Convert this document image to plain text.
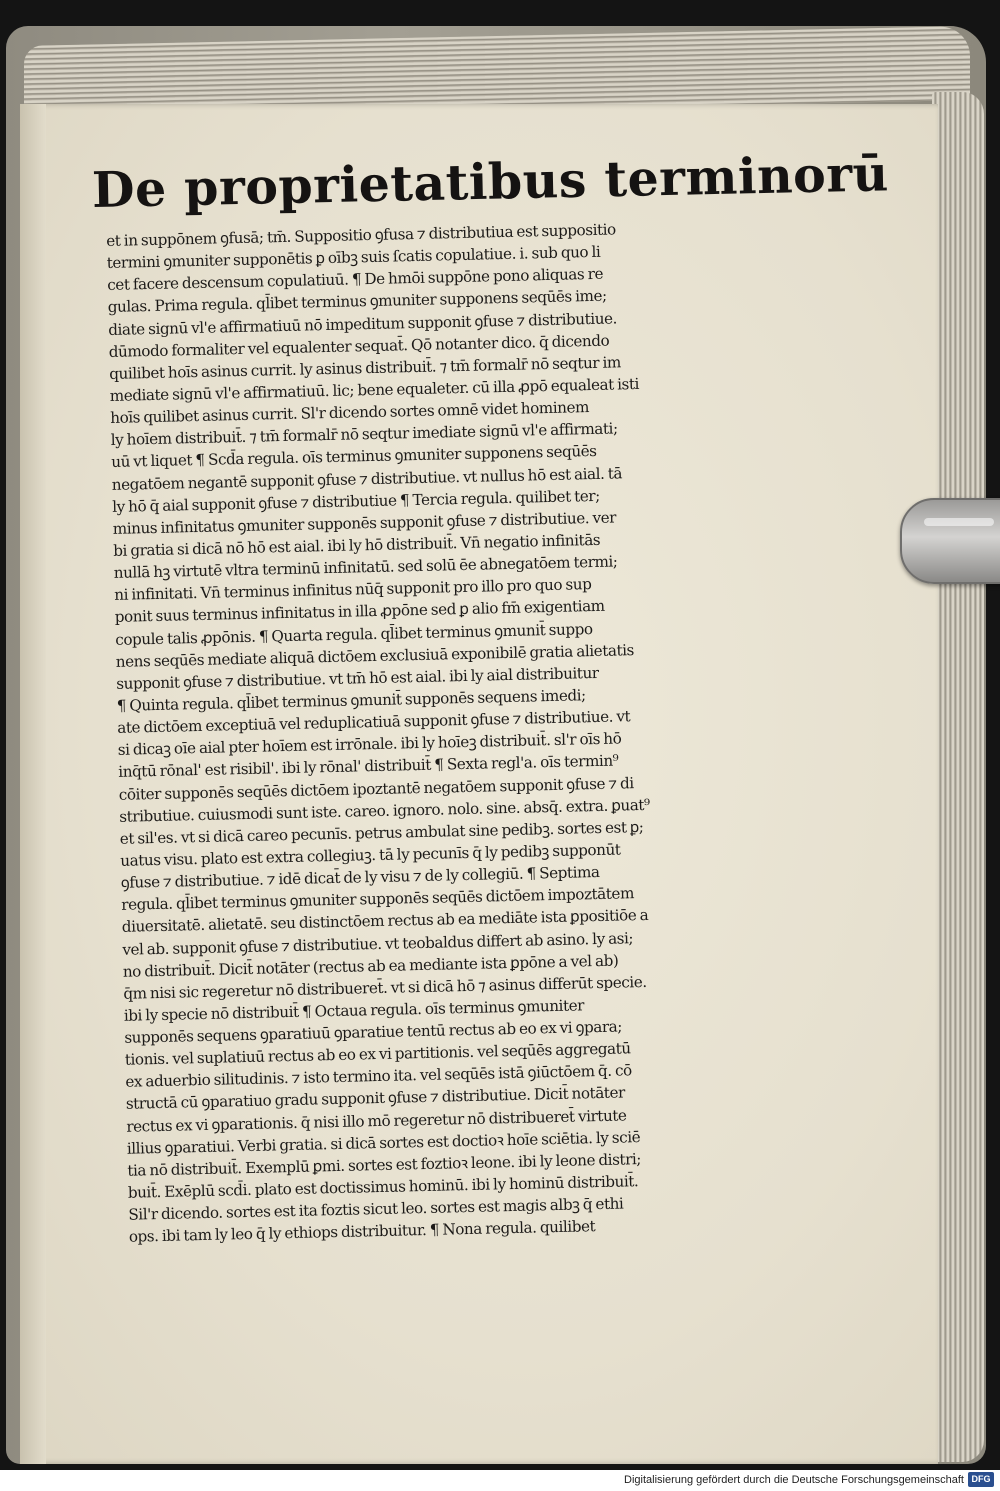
De proprietatibus terminorū
et in suppōnem ꝯfusā; tm̄. Suppositio ꝯfusa ⁊ distributiua est suppositio
termini ꝯmuniter supponētis ꝑ oībꝫ suis ſcatis copulatiue. i. sub quo li
cet facere descensum copulatiuū. ¶ De hmōi suppōne pono aliquas re
gulas. Prima regula. ql̄ibet terminus ꝯmuniter supponens seqūēs ime;
diate signū vl'e affirmatiuū nō impeditum supponit ꝯfuse ⁊ distributiue.
dūmodo formaliter vel equalenter sequat̄. Qō notanter dico. q̄ dicendo
quilibet hoīs asinus currit. ly asinus distribuit̄. ⁊ tm̄ formalr̄ nō seqtur im
mediate signū vl'e affirmatiuū. lic; bene equaleter. cū illa ꝓpō equaleat isti
hoīs quilibet asinus currit. Sl'r dicendo sortes omnē videt hominem
ly hoīem distribuit̄. ⁊ tm̄ formalr̄ nō seqtur imediate signū vl'e affirmati;
uū vt liquet ¶ Scd̄a regula. oīs terminus ꝯmuniter supponens seqūēs
negatōem negantē supponit ꝯfuse ⁊ distributiue. vt nullus hō est aial. tā
ly hō q̄ aial supponit ꝯfuse ⁊ distributiue ¶ Tercia regula. quilibet ter;
minus infinitatus ꝯmuniter supponēs supponit ꝯfuse ⁊ distributiue. ver
bi gratia si dicā nō hō est aial. ibi ly hō distribuit̄. Vn̄ negatio infinitās
nullā hꝫ virtutē vltra terminū infinitatū. sed solū ēe abnegatōem termi;
ni infinitati. Vn̄ terminus infinitus nūq̄ supponit pro illo pro quo sup
ponit suus terminus infinitatus in illa ꝓpōne sed ꝑ alio fm̄ exigentiam
copule talis ꝓpōnis. ¶ Quarta regula. ql̄ibet terminus ꝯmunit̄ suppo
nens seqūēs mediate aliquā dictōem exclusiuā exponibilē gratia alietatis
supponit ꝯfuse ⁊ distributiue. vt tm̄ hō est aial. ibi ly aial distribuitur
¶ Quinta regula. ql̄ibet terminus ꝯmunit̄ supponēs sequens imedi;
ate dictōem exceptiuā vel reduplicatiuā supponit ꝯfuse ⁊ distributiue. vt
si dicaꝫ oīe aial pter hoīem est irrōnale. ibi ly hoīeꝫ distribuit̄. sl'r oīs hō
inq̄tū rōnal' est risibil'. ibi ly rōnal' distribuit̄ ¶ Sexta regl'a. oīs termin⁹
cōiter supponēs seqūēs dictōem ipoztantē negatōem supponit ꝯfuse ⁊ di
stributiue. cuiusmodi sunt iste. careo. ignoro. nolo. sine. absq̄. extra. ꝑuat⁹
et sil'es. vt si dicā careo pecunīs. petrus ambulat sine pedibꝫ. sortes est ꝑ;
uatus visu. plato est extra collegiuꝫ. tā ly pecunīs q̄ ly pedibꝫ supponūt
ꝯfuse ⁊ distributiue. ⁊ idē dicat̄ de ly visu ⁊ de ly collegiū. ¶ Septima
regula. ql̄ibet terminus ꝯmuniter supponēs seqūēs dictōem impoztātem
diuersitatē. alietatē. seu distinctōem rectus ab ea mediāte ista ꝑpositiōe a
vel ab. supponit ꝯfuse ⁊ distributiue. vt teobaldus differt ab asino. ly asi;
no distribuit̄. Dicit̄ notāter (rectus ab ea mediante ista ꝑpōne a vel ab)
q̄m nisi sic regeretur nō distribueret̄. vt si dicā hō ⁊ asinus differūt specie.
ibi ly specie nō distribuit̄ ¶ Octaua regula. oīs terminus ꝯmuniter
supponēs sequens ꝯparatiuū ꝯparatiue tentū rectus ab eo ex vi ꝯpara;
tionis. vel suplatiuū rectus ab eo ex vi partitionis. vel seqūēs aggregatū
ex aduerbio silitudinis. ⁊ isto termino ita. vel seqūēs istā ꝯiūctōem q̄. cō
structā cū ꝯparatiuo gradu supponit ꝯfuse ⁊ distributiue. Dicit̄ notāter
rectus ex vi ꝯparationis. q̄ nisi illo mō regeretur nō distribueret̄ virtute
illius ꝯparatiui. Verbi gratia. si dicā sortes est doctioꝛ hoīe sciētia. ly sciē
tia nō distribuit̄. Exemplū ꝑmi. sortes est foztioꝛ leone. ibi ly leone distri;
buit̄. Exēplū scd̄i. plato est doctissimus hominū. ibi ly hominū distribuit̄.
Sil'r dicendo. sortes est ita foztis sicut leo. sortes est magis albꝫ q̄ ethi
ops. ibi tam ly leo q̄ ly ethiops distribuitur. ¶ Nona regula. quilibet
Digitalisierung gefördert durch die Deutsche Forschungsgemeinschaft DFG
